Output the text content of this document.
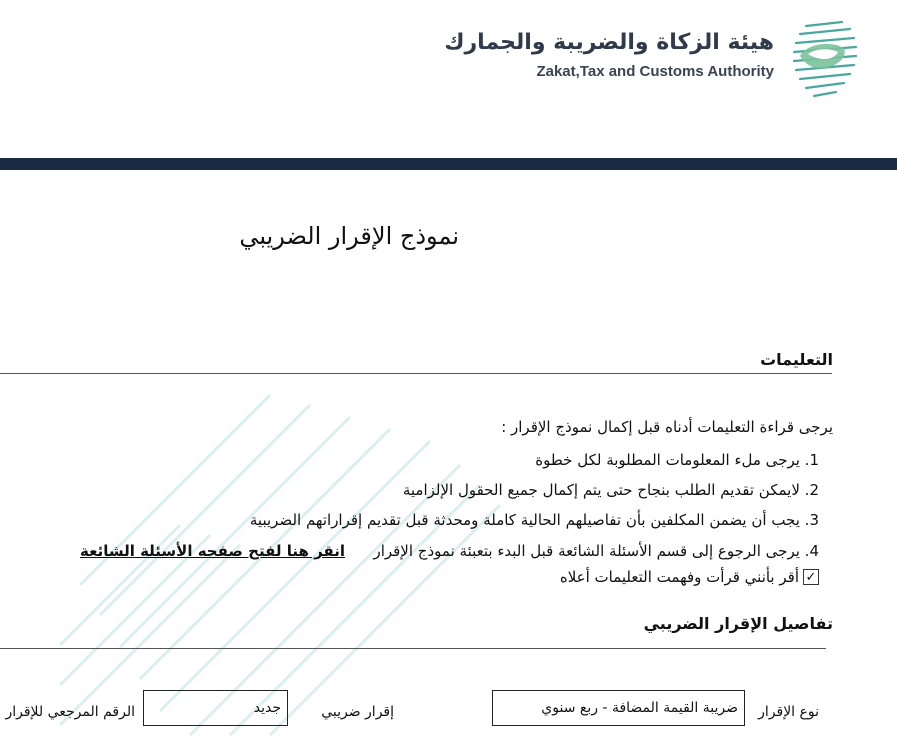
هيئة الزكاة والضريبة والجمارك
Zakat,Tax and Customs Authority
نموذج الإقرار الضريبي
التعليمات
يرجى قراءة التعليمات أدناه قبل إكمال نموذج الإقرار :
1. يرجى ملء المعلومات المطلوبة لكل خطوة
2. لايمكن تقديم الطلب بنجاح حتى يتم إكمال جميع الحقول الإلزامية
3. يجب أن يضمن المكلفين بأن تفاصيلهم الحالية كاملة ومحدثة قبل تقديم إقراراتهم الضريبية
4. يرجى الرجوع إلى قسم الأسئلة الشائعة قبل البدء بتعبئة نموذج الإقرار
انقر هنا لفتح صفحه الأسئلة الشائعة
✓
أقر بأنني قرأت وفهمت التعليمات أعلاه
تفاصيل الإقرار الضريبي
نوع الإقرار
ضريبة القيمة المضافة - ربع سنوي
إقرار ضريبي
جديد
الرقم المرجعي للإقرار
